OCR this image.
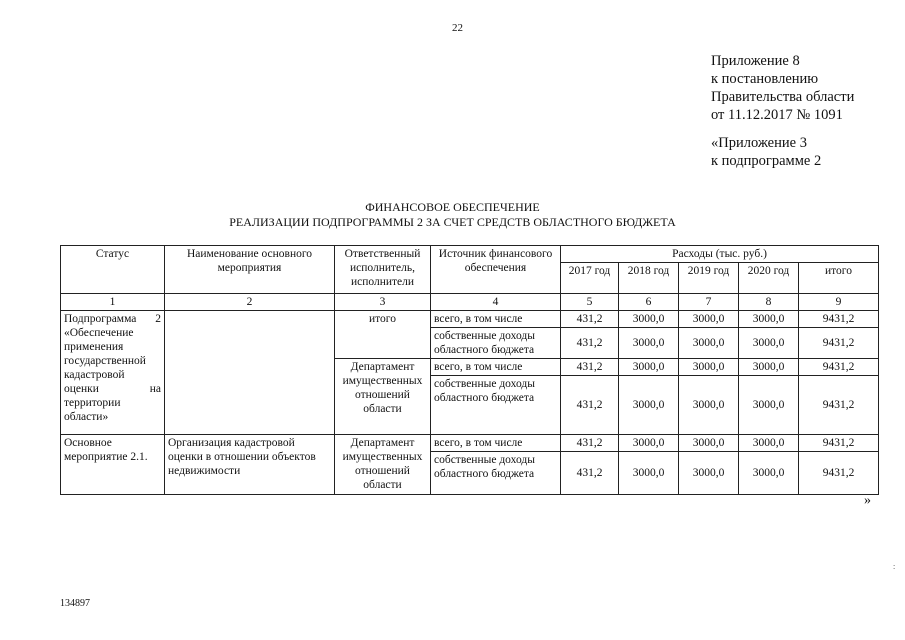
22
Приложение 8
к постановлению
Правительства области
от 11.12.2017 № 1091
«Приложение 3
к подпрограмме 2
ФИНАНСОВОЕ ОБЕСПЕЧЕНИЕ
РЕАЛИЗАЦИИ ПОДПРОГРАММЫ 2 ЗА СЧЕТ СРЕДСТВ ОБЛАСТНОГО БЮДЖЕТА
Статус	Наименование основного мероприятия	Ответственный исполнитель, исполнители	Источник финансового обеспечения	Расходы (тыс. руб.)				
				2017 год	2018 год	2019 год	2020 год	итого
1	2	3	4	5	6	7	8	9
Подпрограмма 2 «Обеспечение применения государственной кадастровой оценки на территории области»		итого	всего, в том числе	431,2	3000,0	3000,0	3000,0	9431,2
			собственные доходы областного бюджета	431,2	3000,0	3000,0	3000,0	9431,2
		Департамент имущественных отношений области	всего, в том числе	431,2	3000,0	3000,0	3000,0	9431,2
			собственные доходы областного бюджета	431,2	3000,0	3000,0	3000,0	9431,2
Основное мероприятие 2.1.	Организация кадастровой оценки в отношении объектов недвижимости	Департамент имущественных отношений области	всего, в том числе	431,2	3000,0	3000,0	3000,0	9431,2
			собственные доходы областного бюджета	431,2	3000,0	3000,0	3000,0	9431,2
»
134897
:
